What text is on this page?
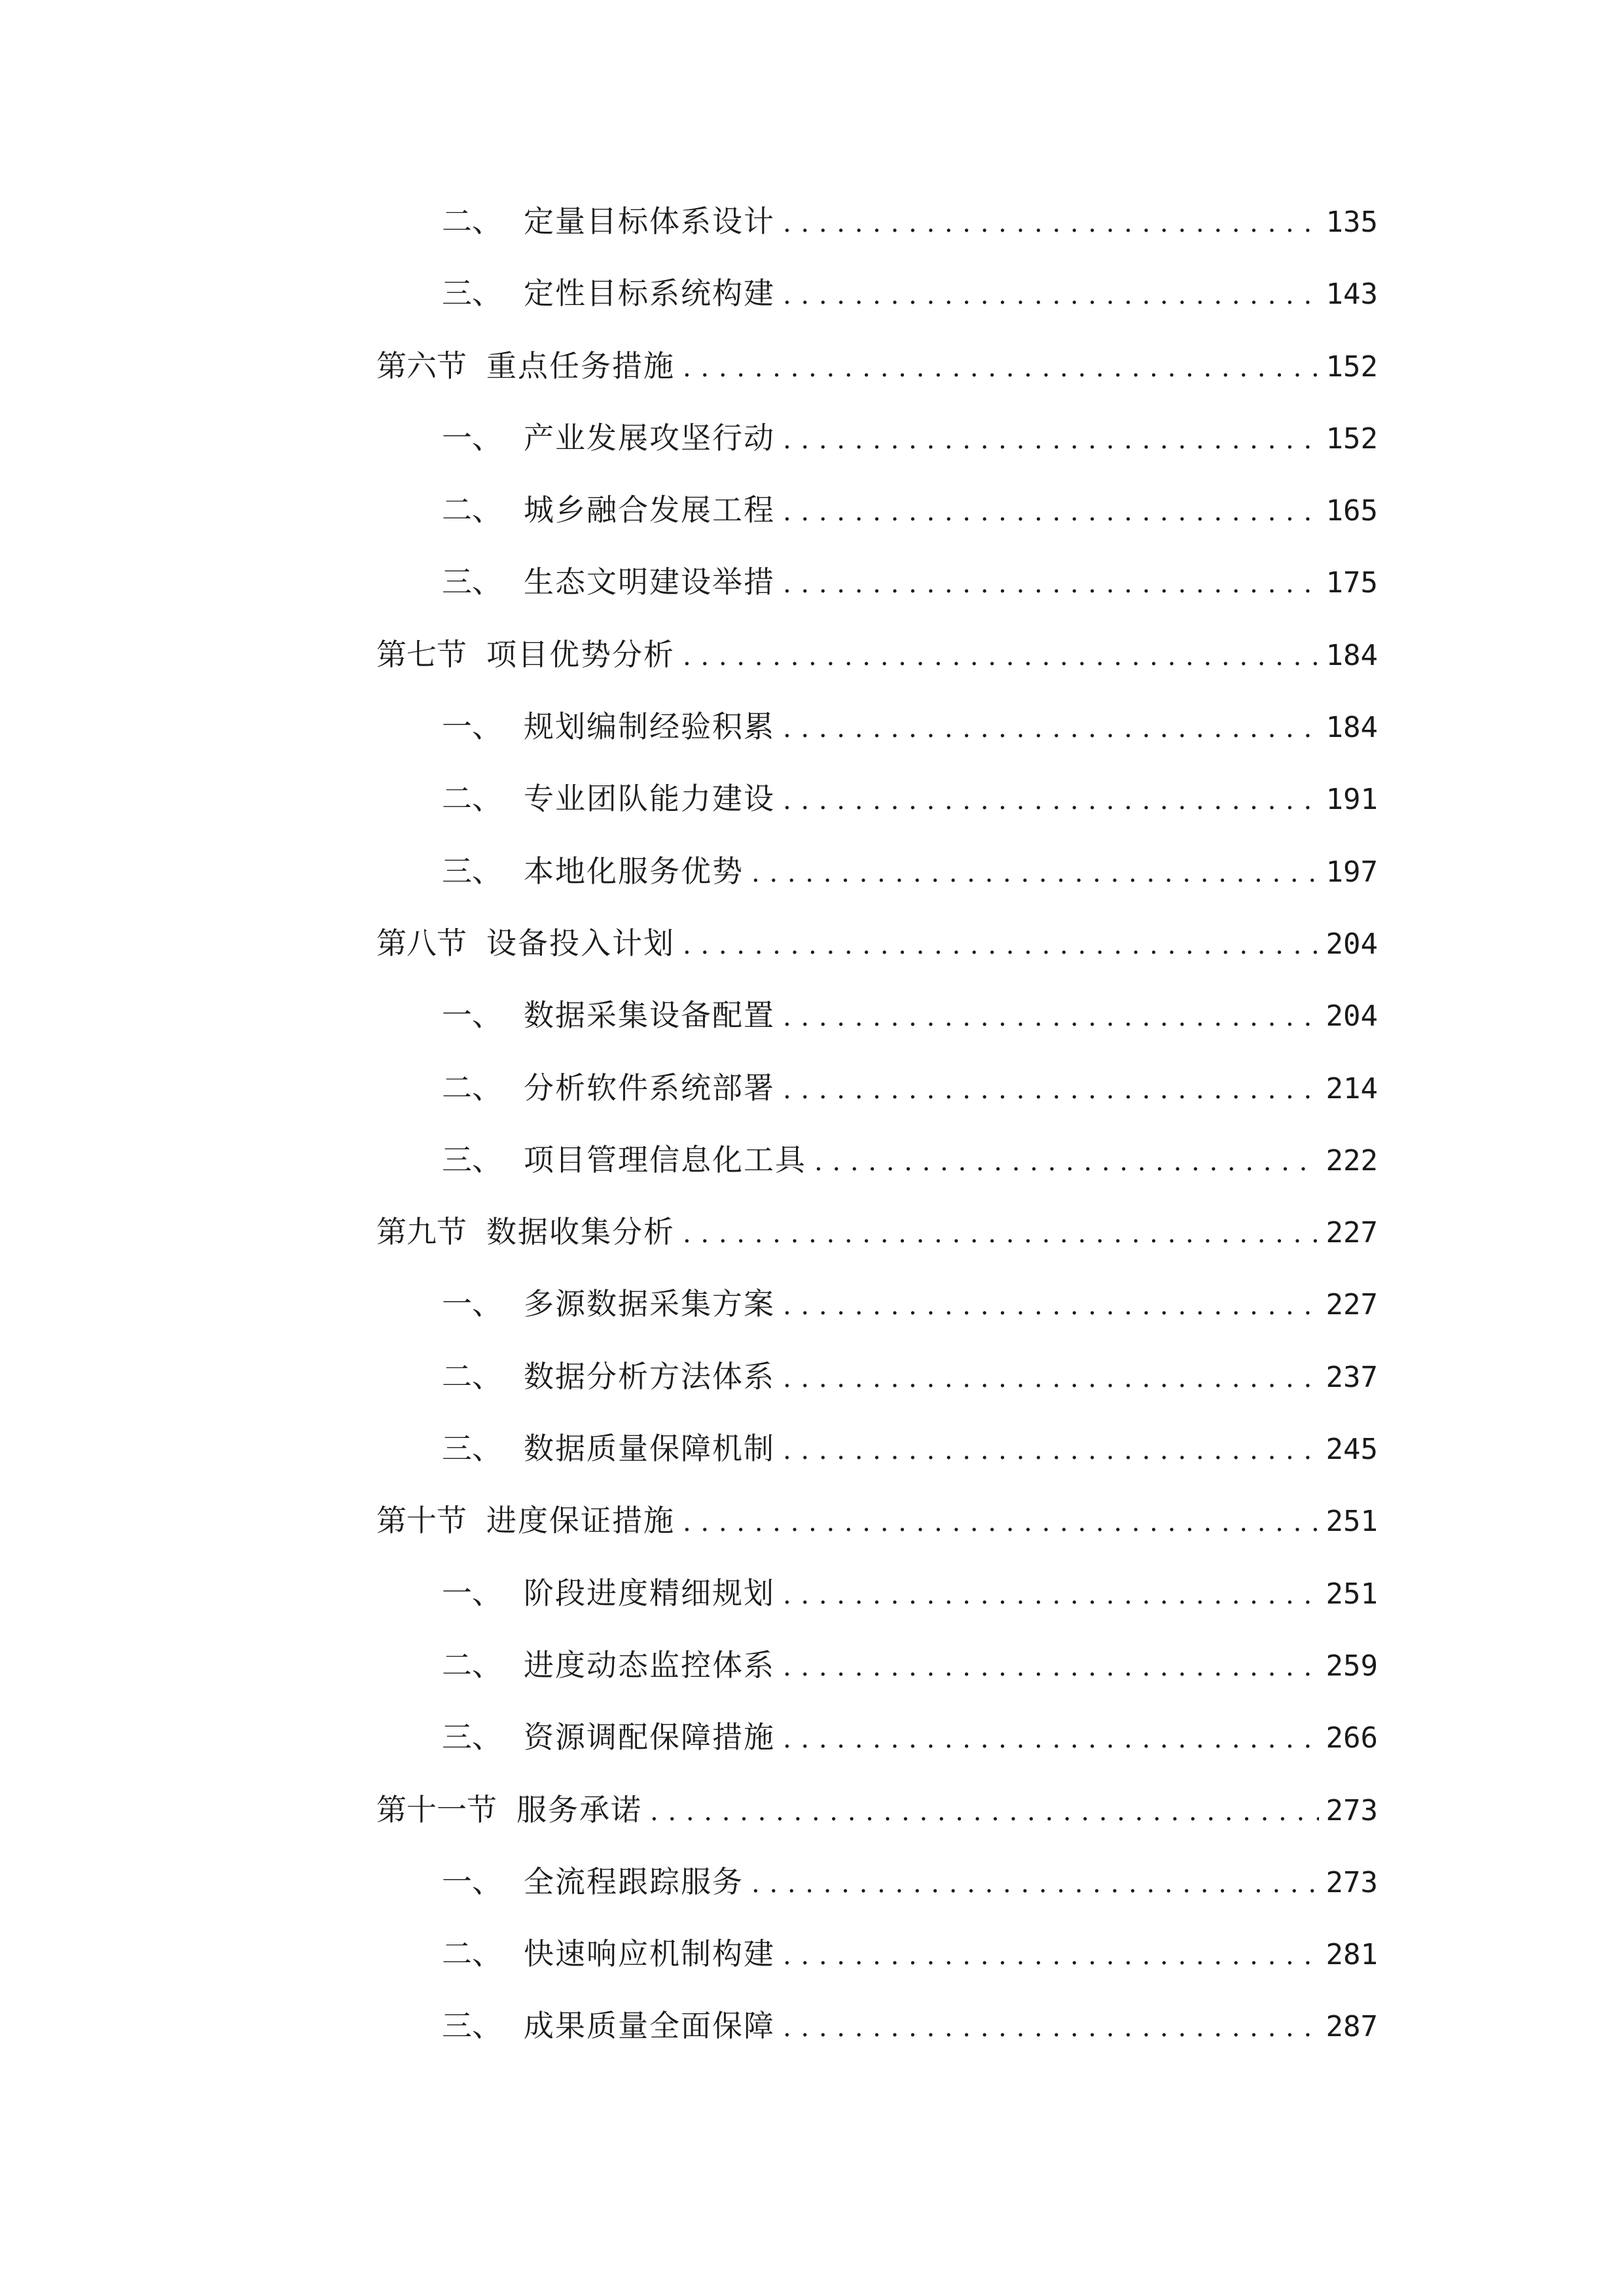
二、 定量目标体系设计 . . .	135
三、 定性目标系统构建 . . .	143
第六节 重点任务措施 . . .	152
一、 产业发展攻坚行动 . . .	152
二、 城乡融合发展工程 . . .	165
三、 生态文明建设举措 . . .	175
第七节 项目优势分析 . . .	184
一、 规划编制经验积累 . . .	184
二、 专业团队能力建设 . . .	191
三、 本地化服务优势 . . .	197
第八节 设备投入计划 . . .	204
一、 数据采集设备配置 . . .	204
二、 分析软件系统部署 . . .	214
三、 项目管理信息化工具 . . .	222
第九节 数据收集分析 . . .	227
一、 多源数据采集方案 . . .	227
二、 数据分析方法体系 . . .	237
三、 数据质量保障机制 . . .	245
第十节 进度保证措施 . . .	251
一、 阶段进度精细规划 . . .	251
二、 进度动态监控体系 . . .	259
三、 资源调配保障措施 . . .	266
第十一节 服务承诺 . . .	273
一、 全流程跟踪服务 . . .	273
二、 快速响应机制构建 . . .	281
三、 成果质量全面保障 . . .	287
